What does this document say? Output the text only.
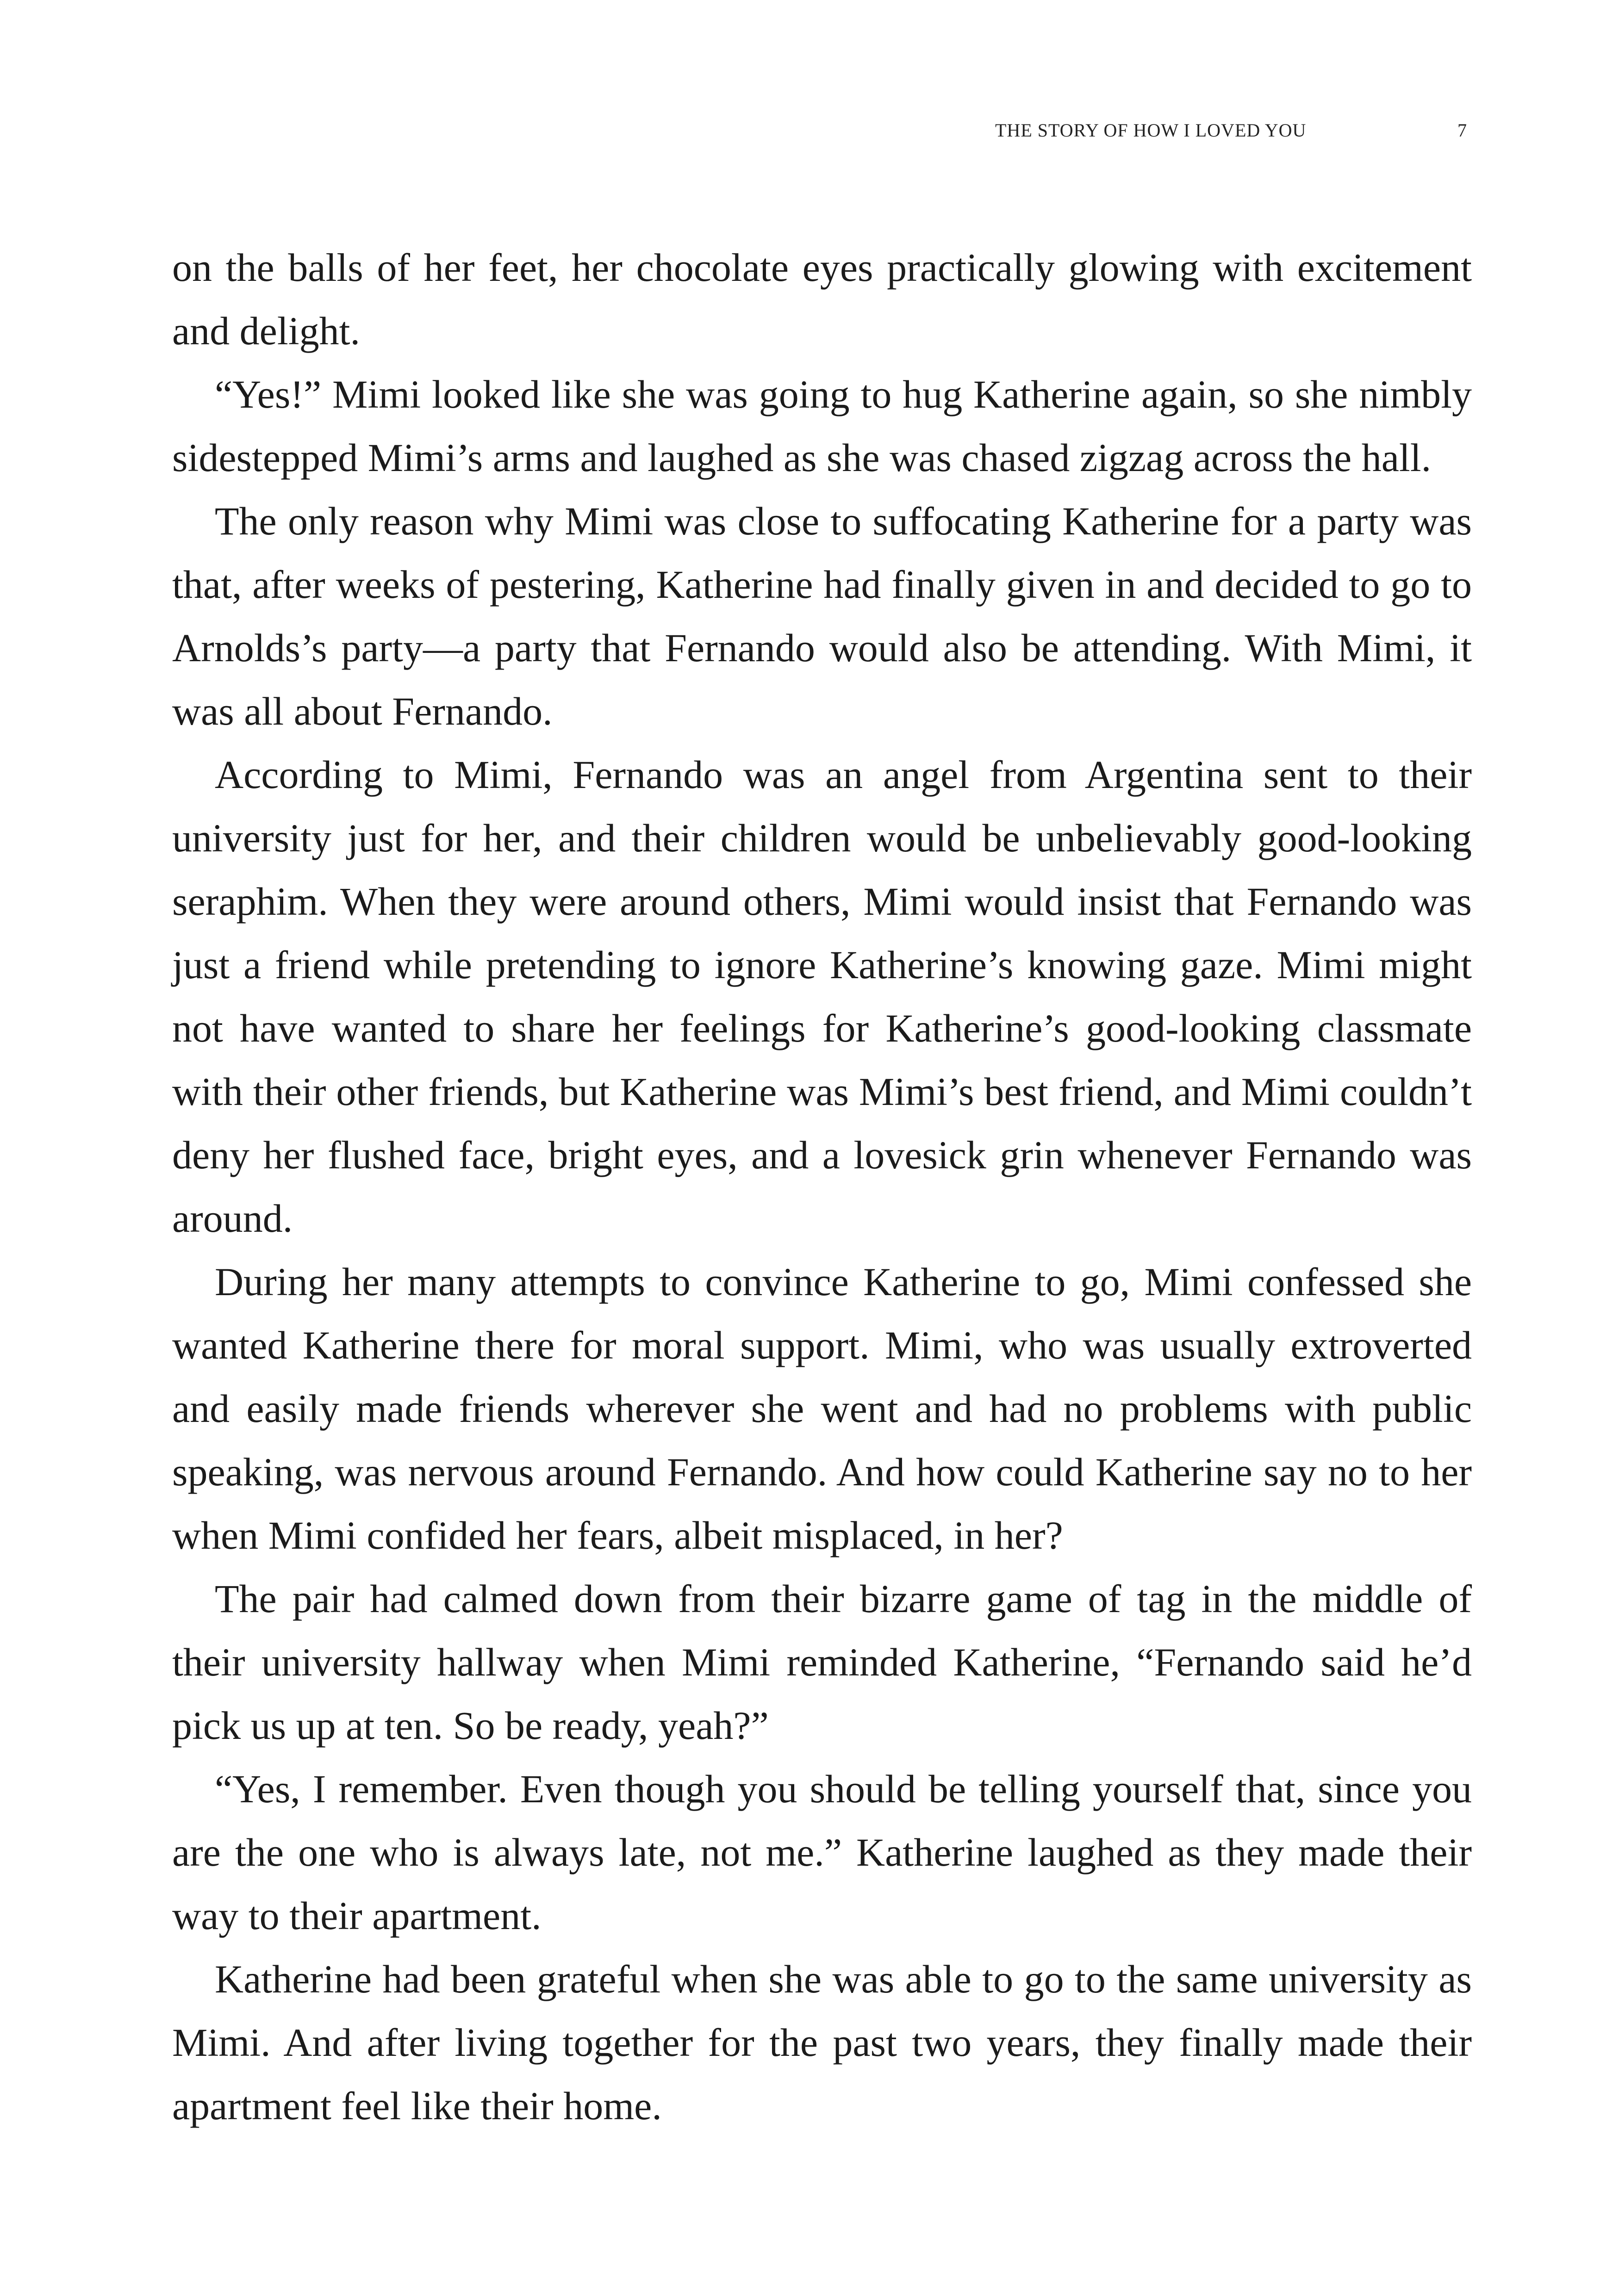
THE STORY OF HOW I LOVED YOU	7

on the balls of her feet, her chocolate eyes practically glowing with excitement and delight.

“Yes!” Mimi looked like she was going to hug Katherine again, so she nimbly sidestepped Mimi’s arms and laughed as she was chased zigzag across the hall.

The only reason why Mimi was close to suffocating Katherine for a party was that, after weeks of pestering, Katherine had finally given in and decided to go to Arnolds’s party—a party that Fernando would also be attending. With Mimi, it was all about Fernando.

According to Mimi, Fernando was an angel from Argentina sent to their university just for her, and their children would be unbelievably good-looking seraphim. When they were around others, Mimi would insist that Fernando was just a friend while pretending to ignore Katherine’s knowing gaze. Mimi might not have wanted to share her feelings for Katherine’s good-looking classmate with their other friends, but Katherine was Mimi’s best friend, and Mimi couldn’t deny her flushed face, bright eyes, and a lovesick grin whenever Fernando was around.

During her many attempts to convince Katherine to go, Mimi confessed she wanted Katherine there for moral support. Mimi, who was usually extroverted and easily made friends wherever she went and had no problems with public speaking, was nervous around Fernando. And how could Katherine say no to her when Mimi confided her fears, albeit misplaced, in her?

The pair had calmed down from their bizarre game of tag in the middle of their university hallway when Mimi reminded Katherine, “Fernando said he’d pick us up at ten. So be ready, yeah?”

“Yes, I remember. Even though you should be telling yourself that, since you are the one who is always late, not me.” Katherine laughed as they made their way to their apartment.

Katherine had been grateful when she was able to go to the same university as Mimi. And after living together for the past two years, they finally made their apartment feel like their home.
